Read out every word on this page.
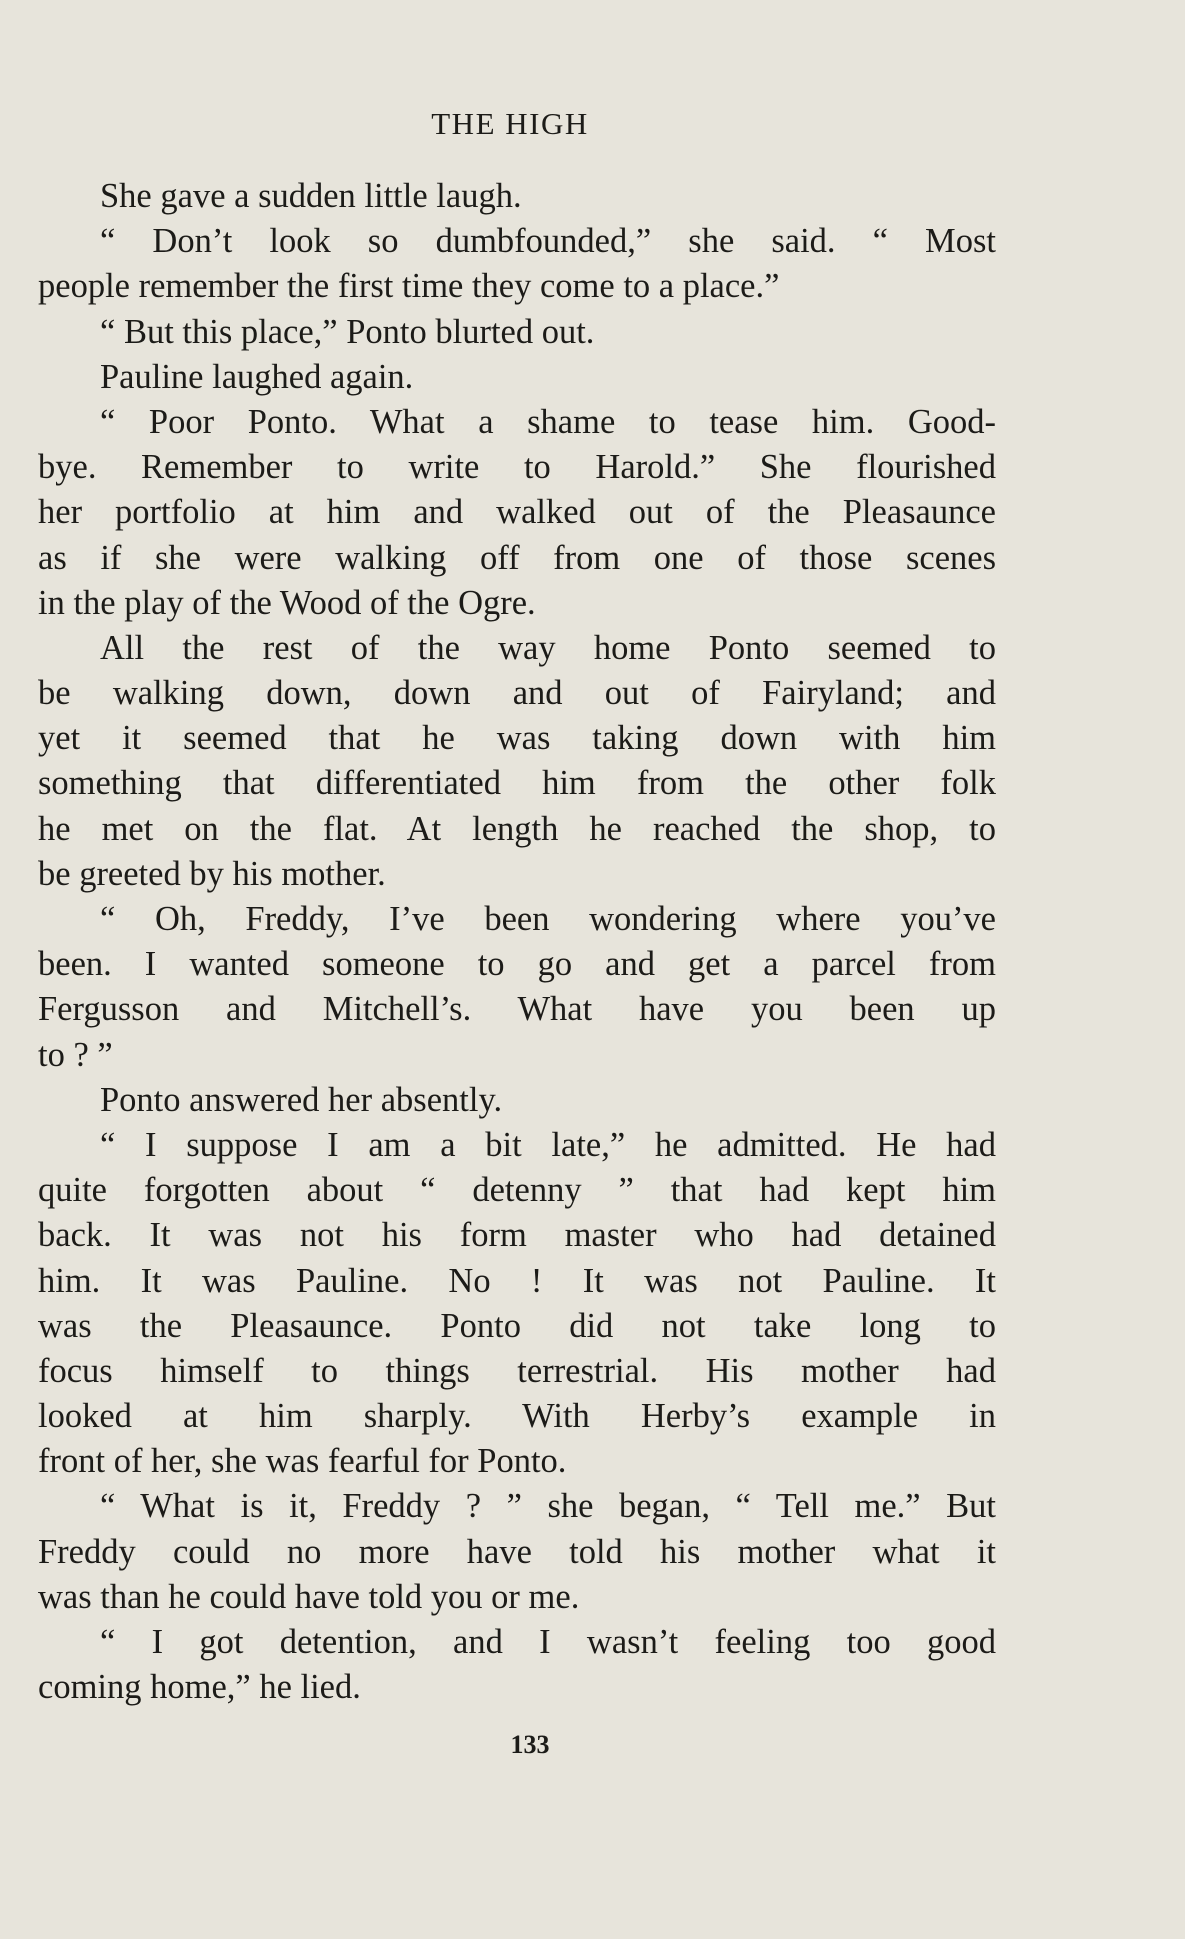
THE HIGH
She gave a sudden little laugh.
“ Don’t look so dumbfounded,” she said. “ Most
people remember the first time they come to a place.”
“ But this place,” Ponto blurted out.
Pauline laughed again.
“ Poor Ponto. What a shame to tease him. Good-
bye. Remember to write to Harold.” She flourished
her portfolio at him and walked out of the Pleasaunce
as if she were walking off from one of those scenes
in the play of the Wood of the Ogre.
All the rest of the way home Ponto seemed to
be walking down, down and out of Fairyland; and
yet it seemed that he was taking down with him
something that differentiated him from the other folk
he met on the flat. At length he reached the shop, to
be greeted by his mother.
“ Oh, Freddy, I’ve been wondering where you’ve
been. I wanted someone to go and get a parcel from
Fergusson and Mitchell’s. What have you been up
to ? ”
Ponto answered her absently.
“ I suppose I am a bit late,” he admitted. He had
quite forgotten about “ detenny ” that had kept him
back. It was not his form master who had detained
him. It was Pauline. No ! It was not Pauline. It
was the Pleasaunce. Ponto did not take long to
focus himself to things terrestrial. His mother had
looked at him sharply. With Herby’s example in
front of her, she was fearful for Ponto.
“ What is it, Freddy ? ” she began, “ Tell me.” But
Freddy could no more have told his mother what it
was than he could have told you or me.
“ I got detention, and I wasn’t feeling too good
coming home,” he lied.
133
